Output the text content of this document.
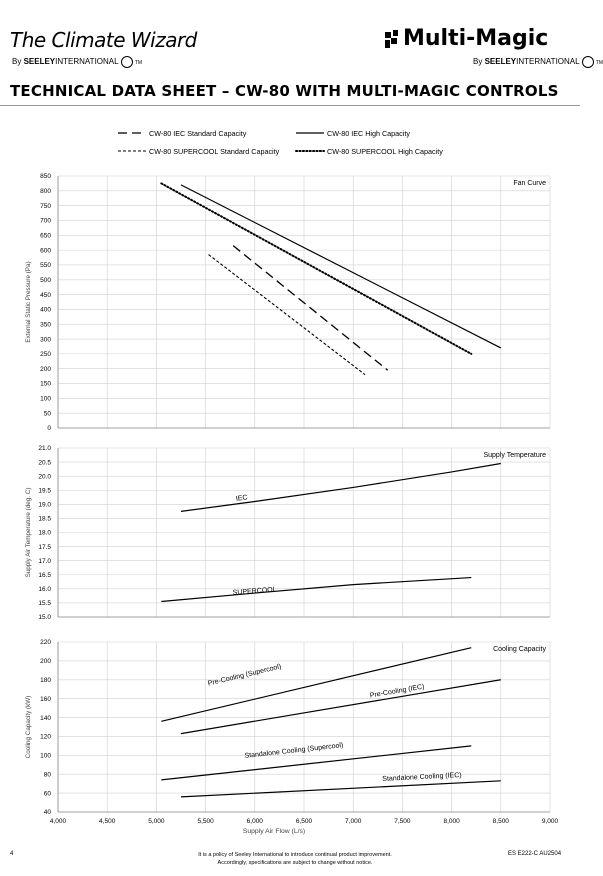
The Climate Wizard
By SEELEYINTERNATIONAL	TM
Multi-Magic
By SEELEYINTERNATIONAL	TM
TECHNICAL DATA SHEET – CW-80 WITH MULTI-MAGIC CONTROLS
CW-80 IEC Standard Capacity	CW-80 IEC High Capacity
CW-80 SUPERCOOL Standard Capacity	CW-80 SUPERCOOL High Capacity
0
50
100
150
200
250
300
350
400
450
500
550
600
650
700
750
800
850
External Static Pressure (Pa)
Fan Curve
15.0
15.5
16.0
16.5
17.0
17.5
18.0
18.5
19.0
19.5
20.0
20.5
21.0
Supply Air Temperature (deg. C)
Supply Temperature
IEC
SUPERCOOL
40
60
80
100
120
140
160
180
200
220
Cooling Capacity (kW)
Cooling Capacity
4,000	4,500	5,000	5,500	6,000	6,500	7,000	7,500	8,000	8,500	9,000
Supply Air Flow (L/s)
Pre-Cooling (Supercool)
Pre-Cooling (IEC)
Standalone Cooling (Supercool)
Standalone Cooling (IEC)
4	It is a policy of Seeley International to introduce continual product improvement.
Accordingly, specifications are subject to change without notice.
ES E222-C AU2504
